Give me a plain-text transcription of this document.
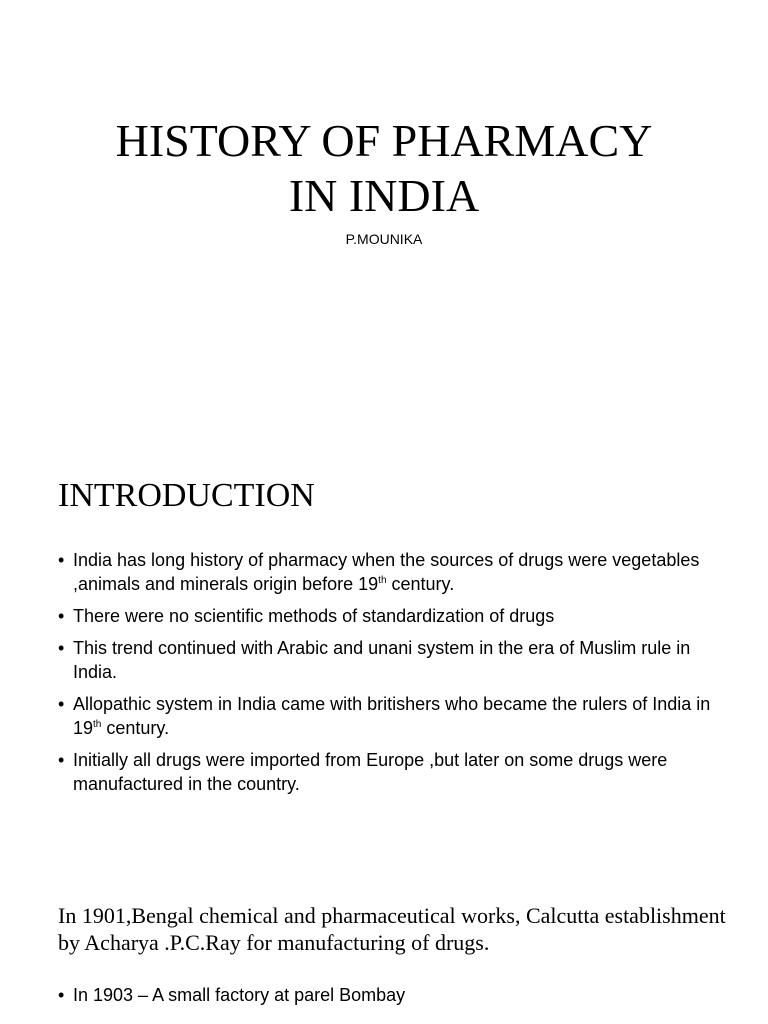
HISTORY OF PHARMACY
IN INDIA

P.MOUNIKA

INTRODUCTION
• India has long history of pharmacy when the sources of drugs were vegetables ,animals and minerals origin before 19th century.
• There were no scientific methods of standardization of drugs
• This trend continued with Arabic and unani system in the era of Muslim rule in India.
• Allopathic system in India came with britishers who became the rulers of India in 19th century.
• Initially all drugs were imported from Europe ,but later on some drugs were manufactured in the country.

In 1901,Bengal chemical and pharmaceutical works, Calcutta establishment by Acharya .P.C.Ray for manufacturing of drugs.

• In 1903 – A small factory at parel Bombay
